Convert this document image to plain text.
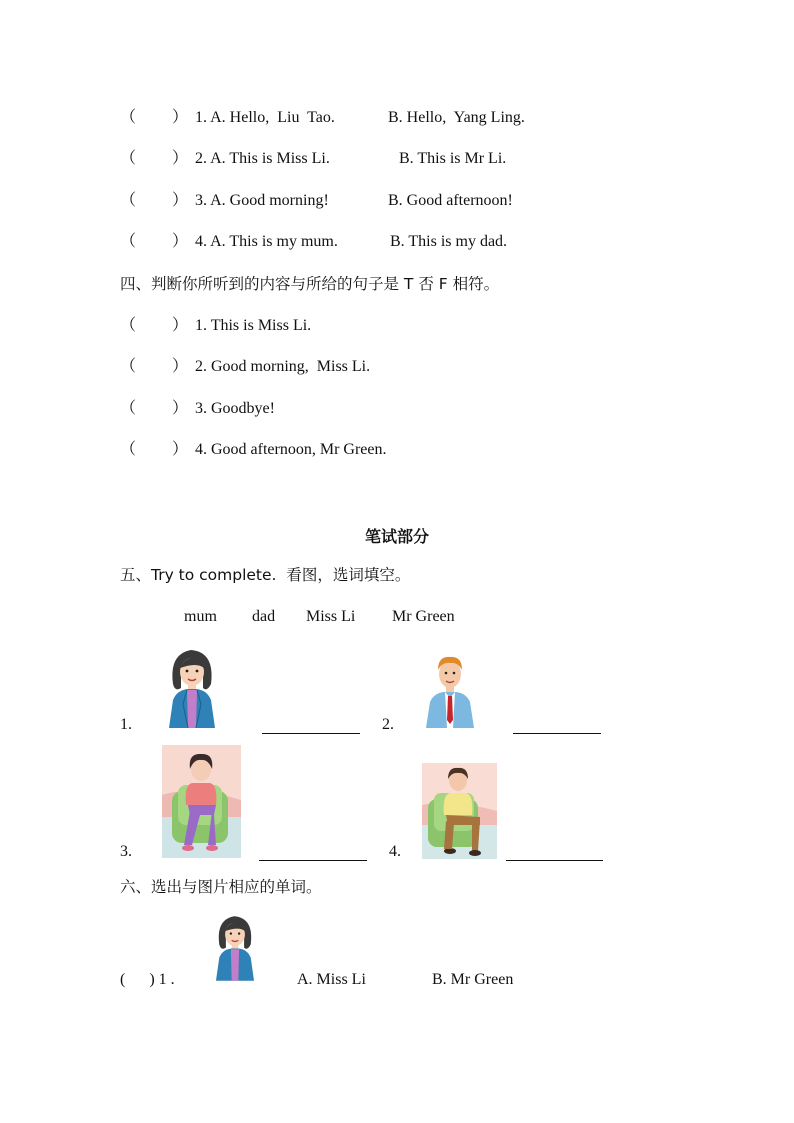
（ ） 1. A. Hello,  Liu  Tao.	B. Hello,  Yang Ling.
（ ） 2. A. This is Miss Li.	B. This is Mr Li.
（ ） 3. A. Good morning!	B. Good afternoon!
（ ） 4. A. This is my mum.	B. This is my dad.
四、判断你所听到的内容与所给的句子是 T 否 F 相符。
（ ） 1. This is Miss Li.
（ ） 2. Good morning,  Miss Li.
（ ） 3. Goodbye!
（ ） 4. Good afternoon, Mr Green.
笔试部分
五、Try to complete.  看图，选词填空。
mum dad Miss Li Mr Green
1.	2.
3.	4.
六、选出与图片相应的单词。
(      ) 1 .	A. Miss Li	B. Mr Green
